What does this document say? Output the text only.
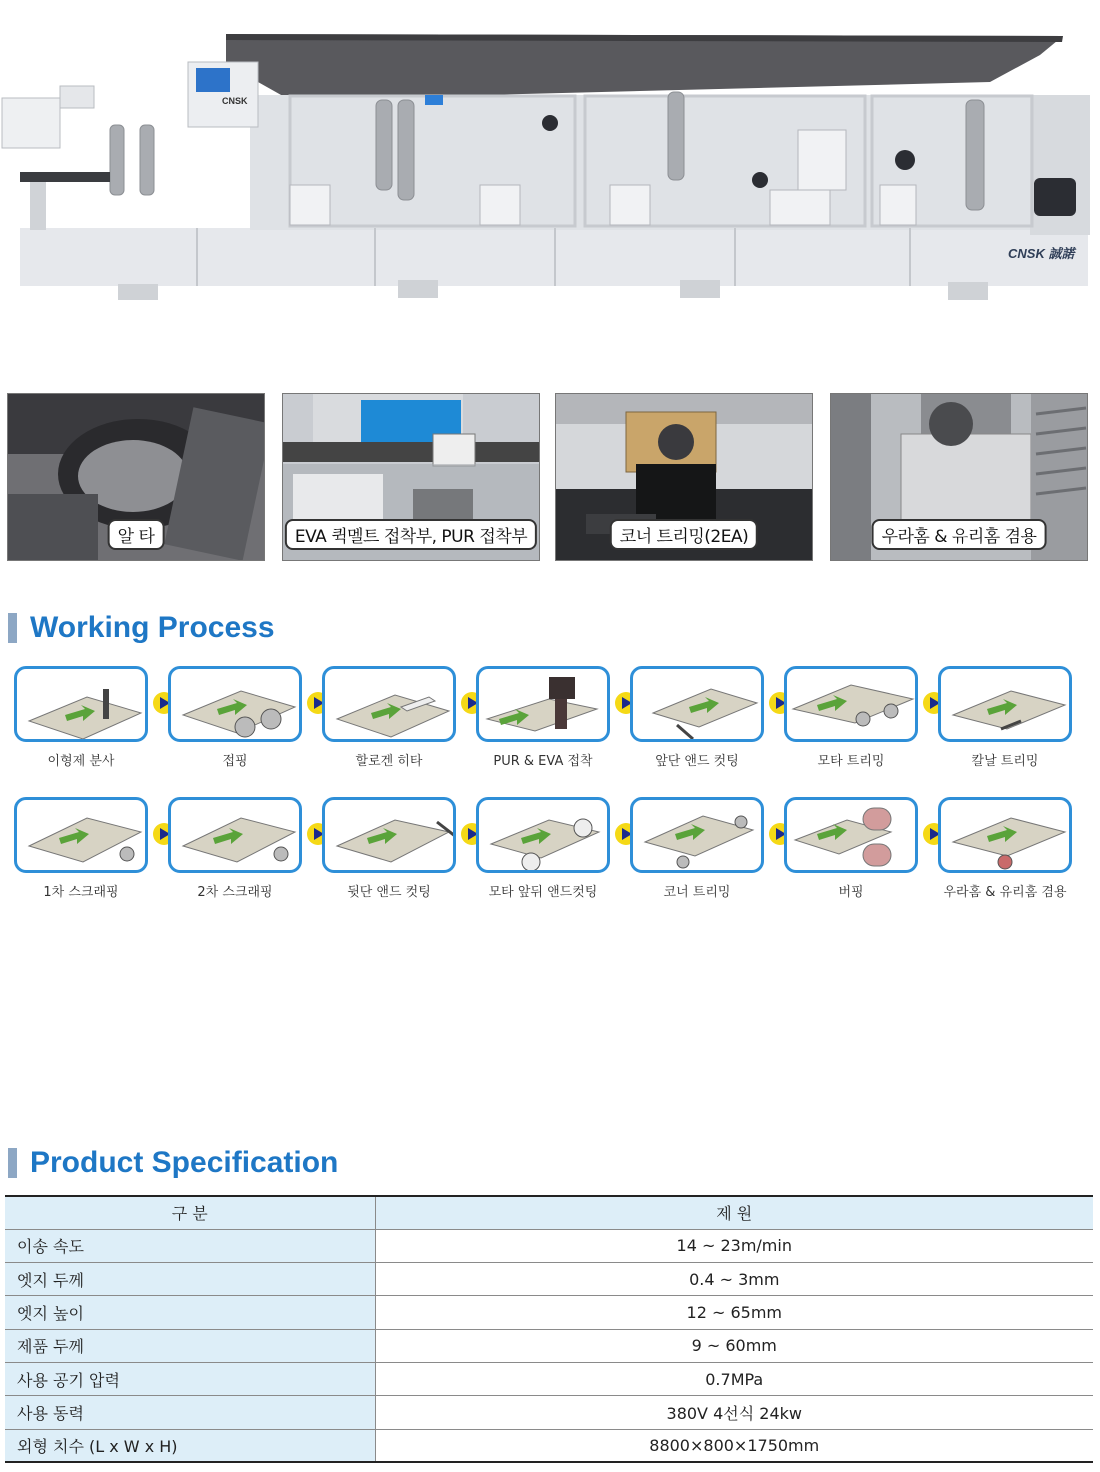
CNSK
CNSK 誠諾
알 타	EVA 퀵멜트 접착부, PUR 접착부	코너 트리밍(2EA)	우라홈 & 유리홈 겸용
Working Process
이형제 분사	접핑	할로겐 히타	PUR & EVA 접착	앞단 앤드 컷팅	모타 트리밍	칼날 트리밍
1차 스크래핑	2차 스크래핑	뒷단 앤드 컷팅	모타 앞뒤 앤드컷팅	코너 트리밍	버핑	우라홈 & 유리홈 겸용
Product Specification
구 분	제 원
이송 속도	14 ~ 23m/min
엣지 두께	0.4 ~ 3mm
엣지 높이	12 ~ 65mm
제품 두께	9 ~ 60mm
사용 공기 압력	0.7MPa
사용 동력	380V 4선식 24kw
외형 치수 (L x W x H)	8800×800×1750mm
